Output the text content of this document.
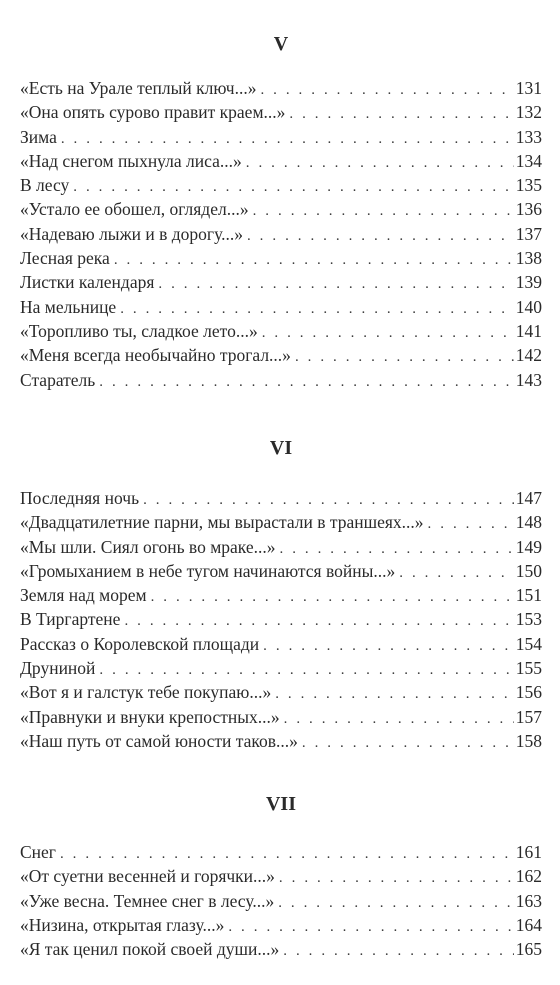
V
«Есть на Урале теплый ключ...» . . .	131
«Она опять сурово правит краем...» . . .	132
Зима . . .	133
«Над снегом пыхнула лиса...» . . .	134
В лесу . . .	135
«Устало ее обошел, оглядел...» . . .	136
«Надеваю лыжи и в дорогу...» . . .	137
Лесная река . . .	138
Листки календаря . . .	139
На мельнице . . .	140
«Торопливо ты, сладкое лето...» . . .	141
«Меня всегда необычайно трогал...» . . .	142
Старатель . . .	143
VI
Последняя ночь . . .	147
«Двадцатилетние парни, мы вырастали в траншеях...» . . .	148
«Мы шли. Сиял огонь во мраке...» . . .	149
«Громыханием в небе тугом начинаются войны...» . . .	150
Земля над морем . . .	151
В Тиргартене . . .	153
Рассказ о Королевской площади . . .	154
Друниной . . .	155
«Вот я и галстук тебе покупаю...» . . .	156
«Правнуки и внуки крепостных...» . . .	157
«Наш путь от самой юности таков...» . . .	158
VII
Снег . . .	161
«От суетни весенней и горячки...» . . .	162
«Уже весна. Темнее снег в лесу...» . . .	163
«Низина, открытая глазу...» . . .	164
«Я так ценил покой своей души...» . . .	165
